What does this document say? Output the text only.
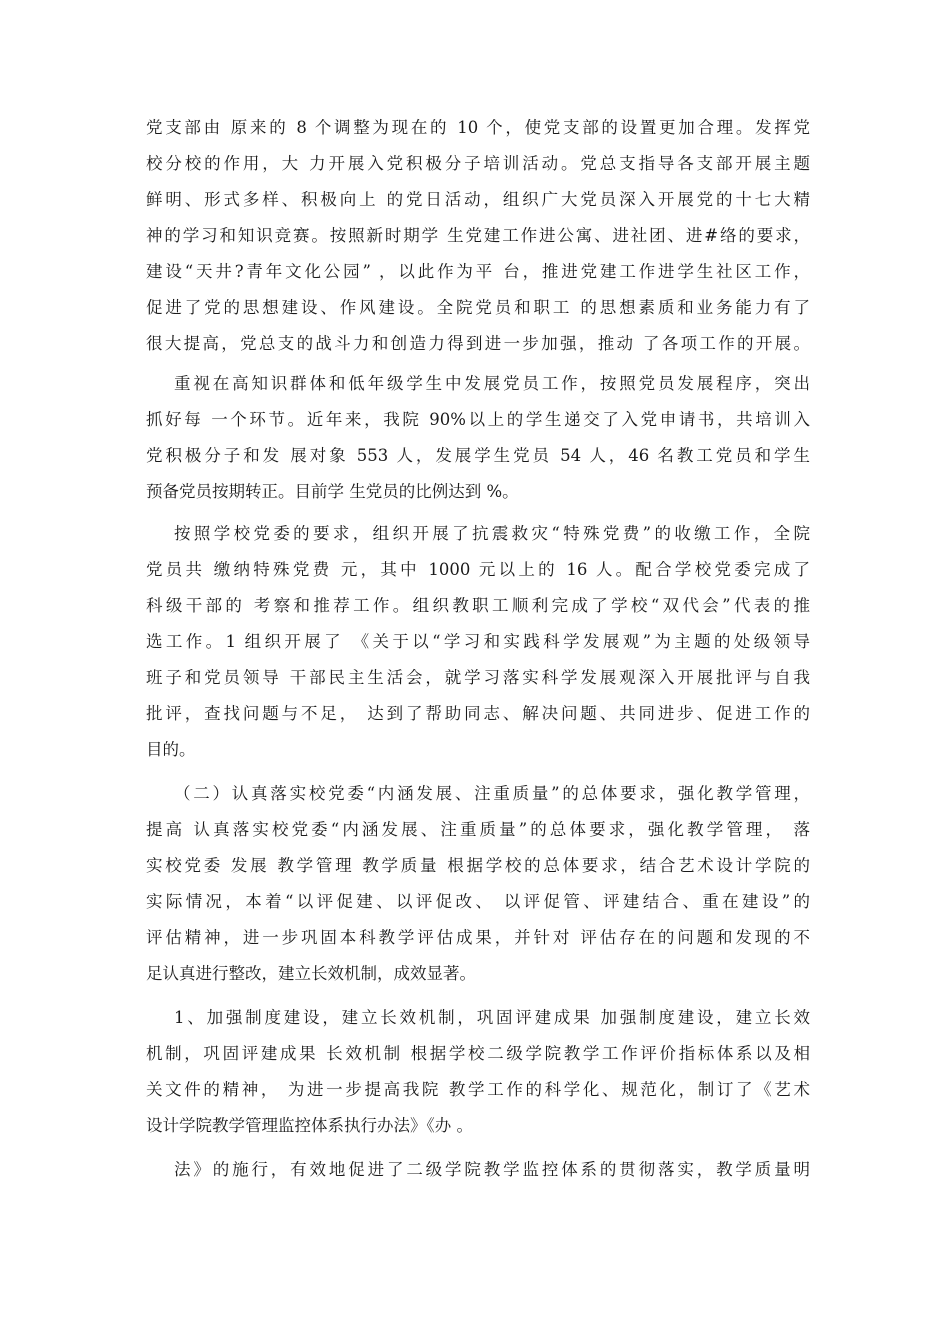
党支部由 原来的 8 个调整为现在的 10 个，使党支部的设置更加合理。发挥党
校分校的作用，大 力开展入党积极分子培训活动。党总支指导各支部开展主题
鲜明、形式多样、积极向上 的党日活动，组织广大党员深入开展党的十七大精
神的学习和知识竞赛。按照新时期学 生党建工作进公寓、进社团、进#络的要求，
建设“天井?青年文化公园” ，以此作为平 台，推进党建工作进学生社区工作，
促进了党的思想建设、作风建设。全院党员和职工 的思想素质和业务能力有了
很大提高，党总支的战斗力和创造力得到进一步加强，推动 了各项工作的开展。
重视在高知识群体和低年级学生中发展党员工作，按照党员发展程序，突出
抓好每 一个环节。近年来，我院 90%以上的学生递交了入党申请书，共培训入
党积极分子和发 展对象 553 人，发展学生党员 54 人，46 名教工党员和学生
预备党员按期转正。目前学 生党员的比例达到 %。
按照学校党委的要求，组织开展了抗震救灾“特殊党费”的收缴工作，全院
党员共 缴纳特殊党费 元，其中 1000 元以上的 16 人。配合学校党委完成了
科级干部的 考察和推荐工作。组织教职工顺利完成了学校“双代会”代表的推
选工作。1 组织开展了 《关于以“学习和实践科学发展观”为主题的处级领导
班子和党员领导 干部民主生活会，就学习落实科学发展观深入开展批评与自我
批评，查找问题与不足， 达到了帮助同志、解决问题、共同进步、促进工作的
目的。
（二）认真落实校党委“内涵发展、注重质量”的总体要求，强化教学管理，
提高 认真落实校党委“内涵发展、注重质量”的总体要求，强化教学管理， 落
实校党委 发展 教学管理 教学质量 根据学校的总体要求，结合艺术设计学院的
实际情况，本着“以评促建、以评促改、 以评促管、评建结合、重在建设”的
评估精神，进一步巩固本科教学评估成果，并针对 评估存在的问题和发现的不
足认真进行整改，建立长效机制，成效显著。
1、加强制度建设，建立长效机制，巩固评建成果 加强制度建设，建立长效
机制，巩固评建成果 长效机制 根据学校二级学院教学工作评价指标体系以及相
关文件的精神， 为进一步提高我院 教学工作的科学化、规范化，制订了《艺术
设计学院教学管理监控体系执行办法》《办 。
法》的施行，有效地促进了二级学院教学监控体系的贯彻落实，教学质量明
